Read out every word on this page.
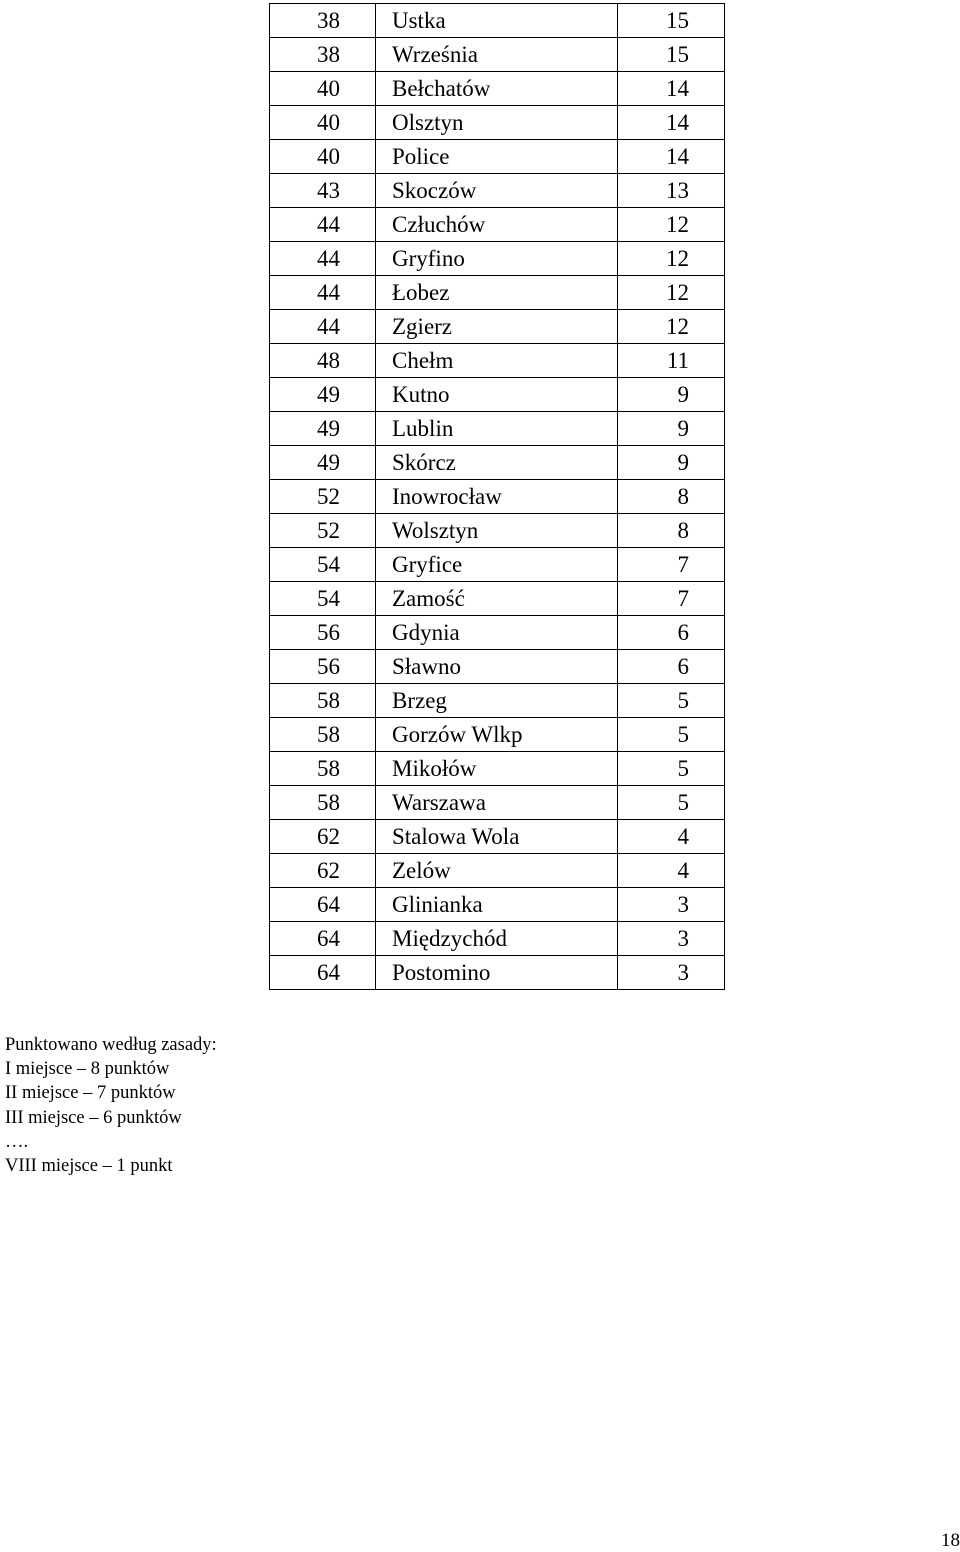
38	Ustka	15
38	Września	15
40	Bełchatów	14
40	Olsztyn	14
40	Police	14
43	Skoczów	13
44	Człuchów	12
44	Gryfino	12
44	Łobez	12
44	Zgierz	12
48	Chełm	11
49	Kutno	9
49	Lublin	9
49	Skórcz	9
52	Inowrocław	8
52	Wolsztyn	8
54	Gryfice	7
54	Zamość	7
56	Gdynia	6
56	Sławno	6
58	Brzeg	5
58	Gorzów Wlkp	5
58	Mikołów	5
58	Warszawa	5
62	Stalowa Wola	4
62	Zelów	4
64	Glinianka	3
64	Międzychód	3
64	Postomino	3
Punktowano według zasady:
I miejsce – 8 punktów
II miejsce – 7 punktów
III miejsce – 6 punktów
….
VIII miejsce – 1 punkt
18
